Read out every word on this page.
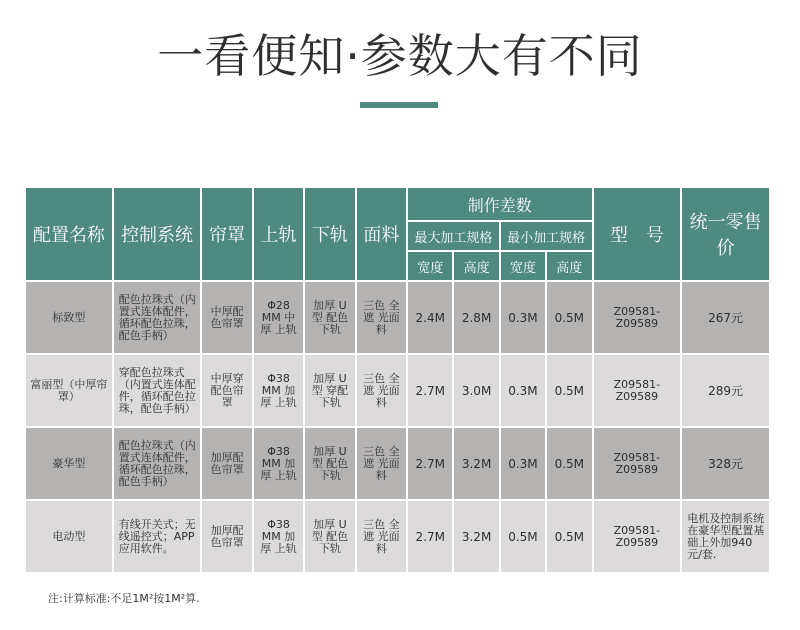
一看便知·参数大有不同
配置名称	控制系统	帘罩	上轨	下轨	面料	制作差数				型　号	统一零售价
						最大加工规格		最小加工规格			
						宽度	高度	宽度	高度		
标致型	配色拉珠式（内置式连体配件，循环配色拉珠，配色手柄）	中厚配色帘罩	Φ28 MM 中厚 上轨	加厚 U型 配色 下轨	三色 全遮 光面 料	2.4M	2.8M	0.3M	0.5M	Z09581-Z09589	267元
富丽型（中厚帘罩）	穿配色拉珠式（内置式连体配件，循环配色拉珠，配色手柄）	中厚穿配色帘罩	Φ38 MM 加厚 上轨	加厚 U型 穿配 下轨	三色 全遮 光面 料	2.7M	3.0M	0.3M	0.5M	Z09581-Z09589	289元
豪华型	配色拉珠式（内置式连体配件，循环配色拉珠，配色手柄）	加厚配色帘罩	Φ38 MM 加厚 上轨	加厚 U型 配色 下轨	三色 全遮 光面 料	2.7M	3.2M	0.3M	0.5M	Z09581-Z09589	328元
电动型	有线开关式；无线遥控式；APP应用软件。	加厚配色帘罩	Φ38 MM 加厚 上轨	加厚 U型 配色 下轨	三色 全遮 光面 料	2.7M	3.2M	0.5M	0.5M	Z09581-Z09589	电机及控制系统在豪华型配置基础上外加940元/套.
注:计算标准:不足1M²按1M²算.
